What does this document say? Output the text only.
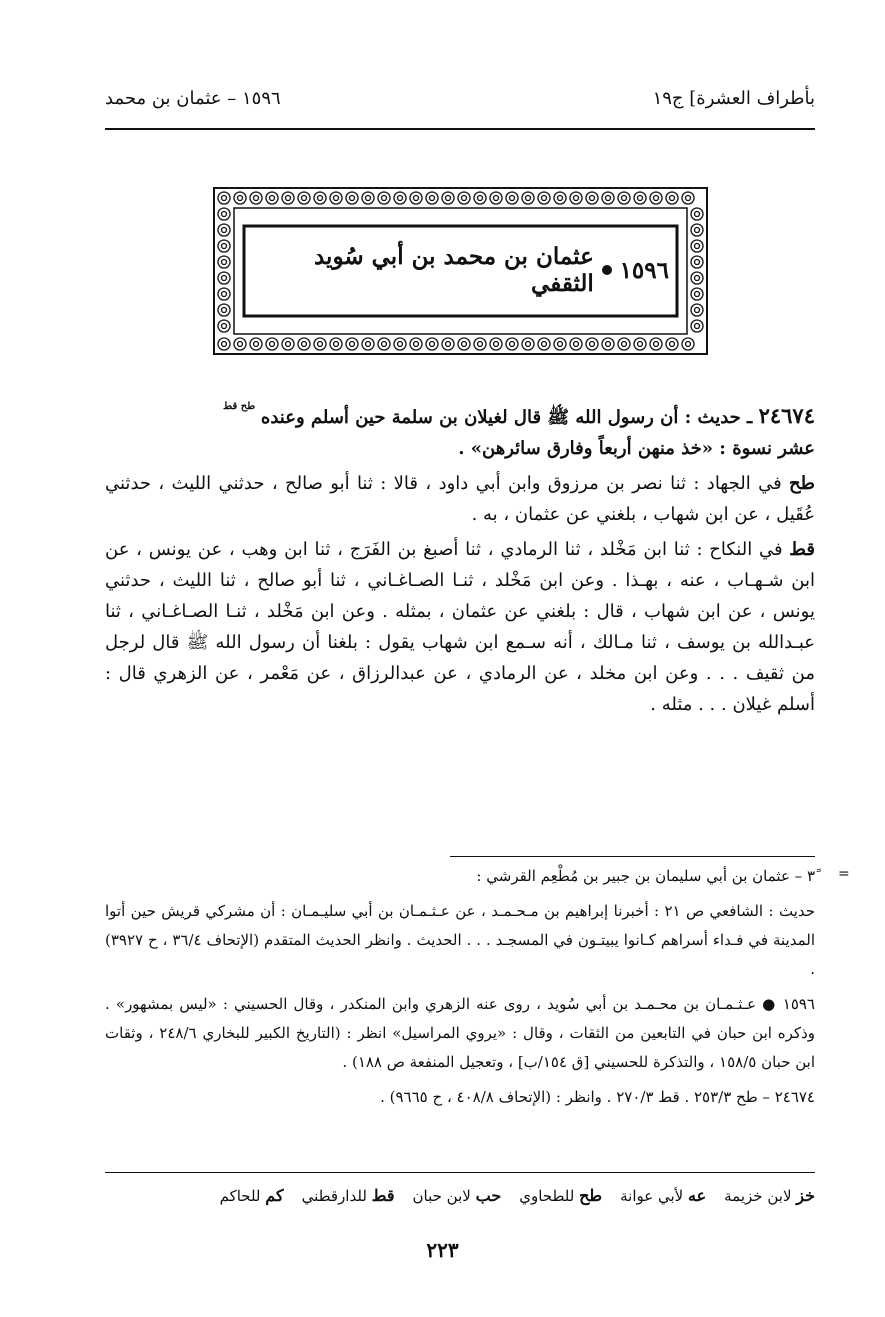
بأطراف العشرة] ج١٩
١٥٩٦ – عثمان بن محمد
١٥٩٦
عثمان بن محمد بن أبي سُويد الثقفي

٢٤٦٧٤ ـ حديث : أن رسول الله ﷺ قال لغيلان بن سلمة حين أسلم وعنده طح قط
عشر نسوة : «خذ منهن أربعاً وفارق سائرهن» .

طح في الجهاد : ثنا نصر بن مرزوق وابن أبي داود ، قالا : ثنا أبو صالح ، حدثني الليث ، حدثني عُقَيل ، عن ابن شهاب ، بلغني عن عثمان ، به .

قط في النكاح : ثنا ابن مَخْلد ، ثنا الرمادي ، ثنا أصبغ بن الفَرَج ، ثنا ابن وهب ، عن يونس ، عن ابن شـهـاب ، عنه ، بهـذا . وعن ابن مَخْلد ، ثنـا الصـاغـاني ، ثنا أبو صالح ، ثنا الليث ، حدثني يونس ، عن ابن شهاب ، قال : بلغني عن عثمان ، بمثله . وعن ابن مَخْلد ، ثنـا الصـاغـاني ، ثنا عبـدالله بن يوسف ، ثنا مـالك ، أنه سـمع ابن شهاب يقول : بلغنا أن رسول الله ﷺ قال لرجل من ثقيف . . . وعن ابن مخلد ، عن الرمادي ، عن عبدالرزاق ، عن مَعْمر ، عن الزهري قال : أسلم غيلان . . . مثله .

=

٣ً – عثمان بن أبي سليمان بن جبير بن مُطْعِم القرشي :

حديث : الشافعي ص ٢١ : أخبرنا إبراهيم بن مـحـمـد ، عن عـثـمـان بن أبي سليـمـان : أن مشركي قريش حين أتوا المدينة في فـداء أسراهم كـانوا يبيتـون في المسجـد . . . الحديث . وانظر الحديث المتقدم (الإتحاف ٣٦/٤ ، ح ٣٩٢٧) .

١٥٩٦ ● عـثـمـان بن محـمـد بن أبي سُويد ، روى عنه الزهري وابن المنكدر ، وقال الحسيني : «ليس بمشهور» . وذكره ابن حبان في التابعين من الثقات ، وقال : «يروي المراسيل» انظر : (التاريخ الكبير للبخاري ٢٤٨/٦ ، وثقات ابن حبان ١٥٨/٥ ، والتذكرة للحسيني [ق ١٥٤/ب] ، وتعجيل المنفعة ص ١٨٨) .

٢٤٦٧٤ – طح ٢٥٣/٣ . قط ٢٧٠/٣ . وانظر : (الإتحاف ٤٠٨/٨ ، ح ٩٦٦٥) .

خز لابن خزيمة
عه لأبي عوانة
طح للطحاوي
حب لابن حبان
قط للدارقطني
كم للحاكم
٢٢٣
